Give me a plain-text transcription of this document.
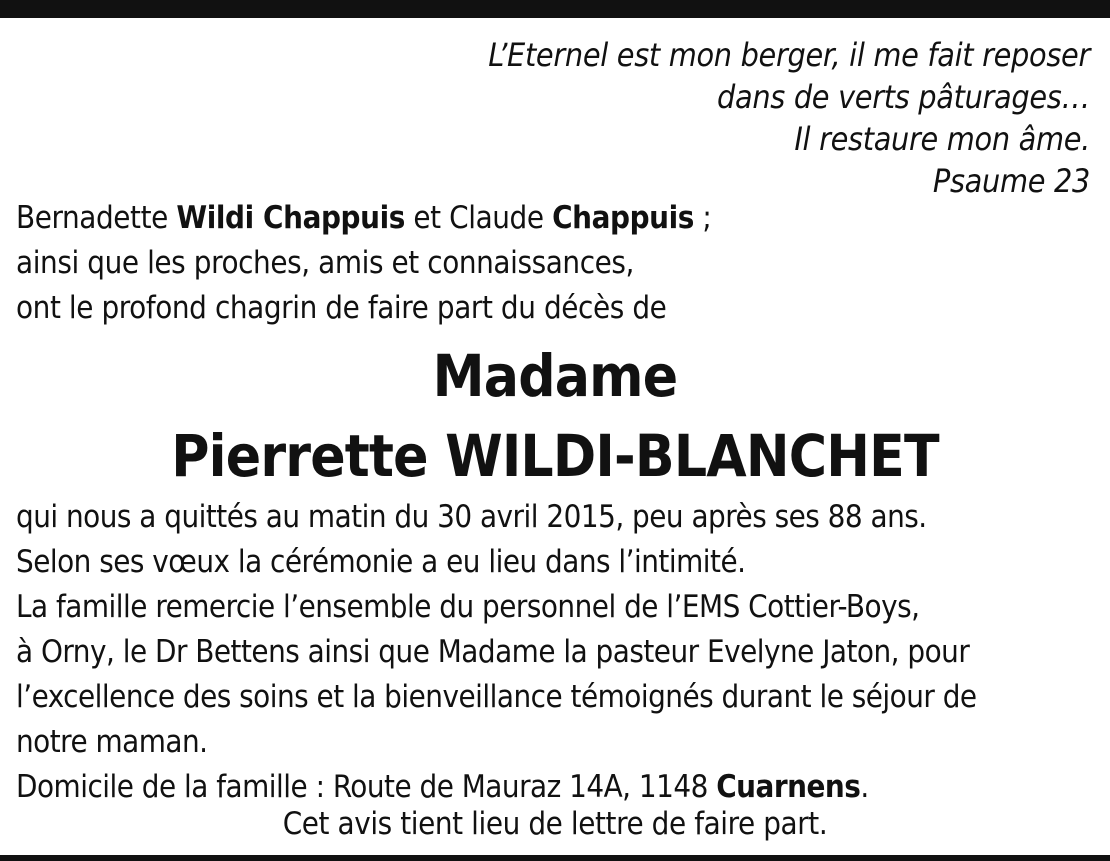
L’Eternel est mon berger, il me fait reposer
dans de verts pâturages…
Il restaure mon âme.
Psaume 23
Bernadette Wildi Chappuis et Claude Chappuis ;
ainsi que les proches, amis et connaissances,
ont le profond chagrin de faire part du décès de
Madame
Pierrette WILDI-BLANCHET
qui nous a quittés au matin du 30 avril 2015, peu après ses 88 ans.
Selon ses vœux la cérémonie a eu lieu dans l’intimité.
La famille remercie l’ensemble du personnel de l’EMS Cottier-Boys,
à Orny, le Dr Bettens ainsi que Madame la pasteur Evelyne Jaton, pour
l’excellence des soins et la bienveillance témoignés durant le séjour de
notre maman.
Domicile de la famille : Route de Mauraz 14A, 1148 Cuarnens.
Cet avis tient lieu de lettre de faire part.
